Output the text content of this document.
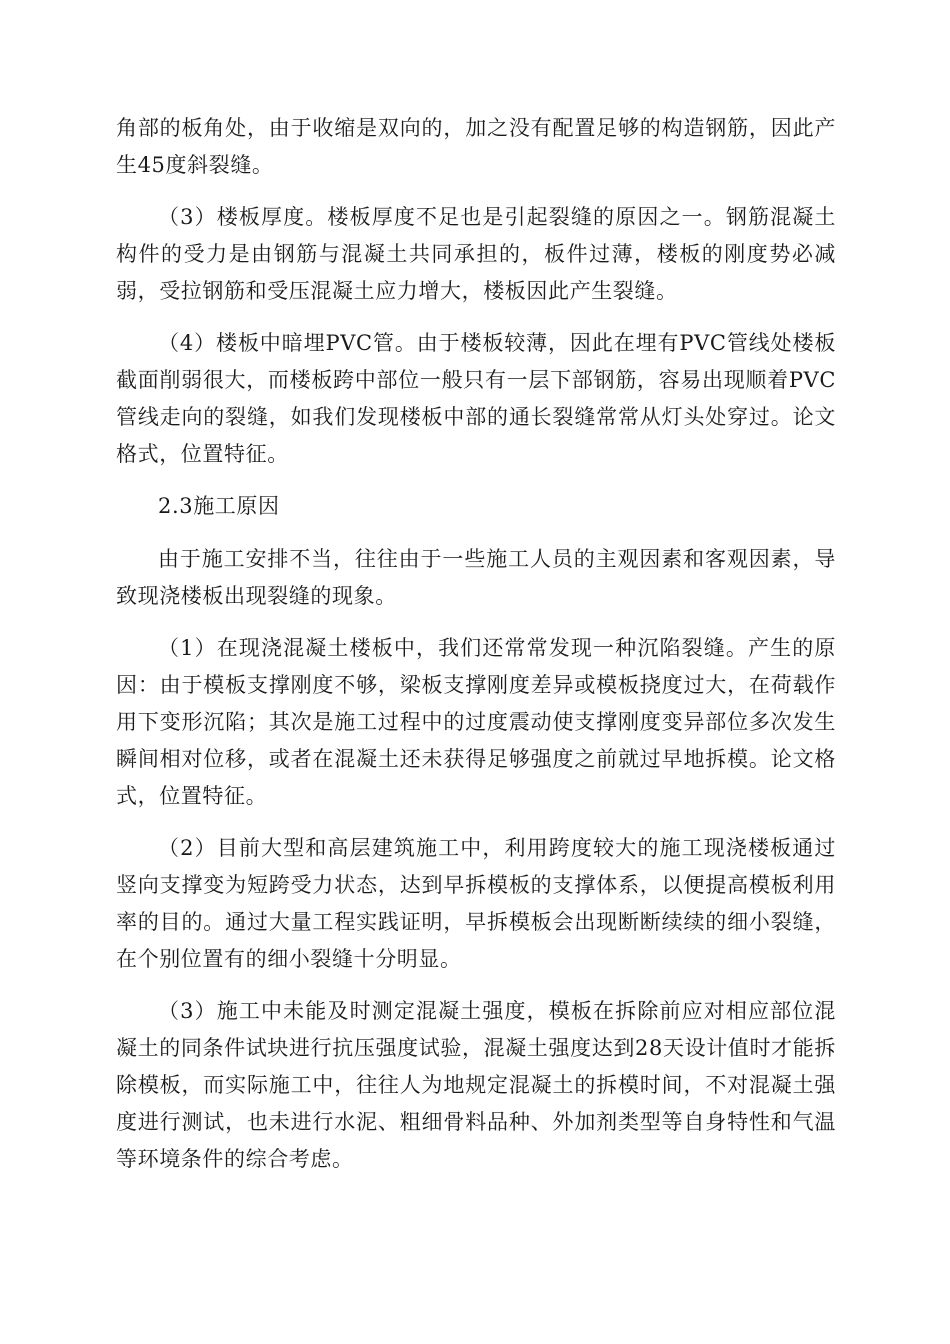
角部的板角处，由于收缩是双向的，加之没有配置足够的构造钢筋，因此产生45度斜裂缝。

（3）楼板厚度。楼板厚度不足也是引起裂缝的原因之一。钢筋混凝土构件的受力是由钢筋与混凝土共同承担的，板件过薄，楼板的刚度势必减弱，受拉钢筋和受压混凝土应力增大，楼板因此产生裂缝。

（4）楼板中暗埋PVC管。由于楼板较薄，因此在埋有PVC管线处楼板截面削弱很大，而楼板跨中部位一般只有一层下部钢筋，容易出现顺着PVC管线走向的裂缝，如我们发现楼板中部的通长裂缝常常从灯头处穿过。论文格式，位置特征。

2.3施工原因

由于施工安排不当，往往由于一些施工人员的主观因素和客观因素，导致现浇楼板出现裂缝的现象。

（1）在现浇混凝土楼板中，我们还常常发现一种沉陷裂缝。产生的原因：由于模板支撑刚度不够，梁板支撑刚度差异或模板挠度过大，在荷载作用下变形沉陷；其次是施工过程中的过度震动使支撑刚度变异部位多次发生瞬间相对位移，或者在混凝土还未获得足够强度之前就过早地拆模。论文格式，位置特征。

（2）目前大型和高层建筑施工中，利用跨度较大的施工现浇楼板通过竖向支撑变为短跨受力状态，达到早拆模板的支撑体系，以便提高模板利用率的目的。通过大量工程实践证明，早拆模板会出现断断续续的细小裂缝，在个别位置有的细小裂缝十分明显。

（3）施工中未能及时测定混凝土强度，模板在拆除前应对相应部位混凝土的同条件试块进行抗压强度试验，混凝土强度达到28天设计值时才能拆除模板，而实际施工中，往往人为地规定混凝土的拆模时间，不对混凝土强度进行测试，也未进行水泥、粗细骨料品种、外加剂类型等自身特性和气温等环境条件的综合考虑。
